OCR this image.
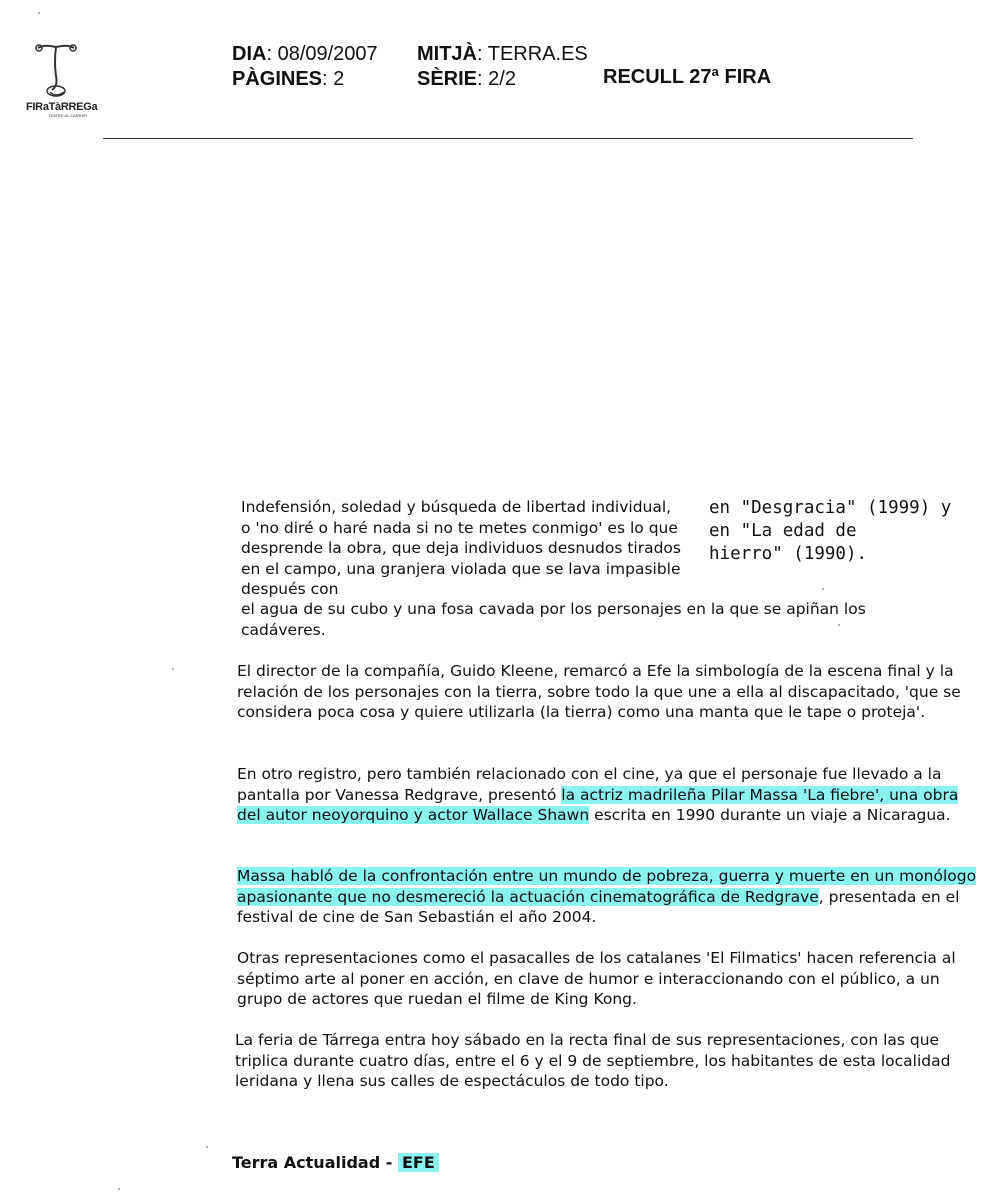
FIRaTàRREGa
TEATRE AL CARRER
DIA: 08/09/2007
PÀGINES: 2
MITJÀ: TERRA.ES
SÈRIE: 2/2	RECULL 27ª FIRA
Indefensión, soledad y búsqueda de libertad individual, o 'no diré o haré nada si no te metes conmigo' es lo que desprende la obra, que deja individuos desnudos tirados en el campo, una granjera violada que se lava impasible después con
en "Desgracia" (1999) y
en "La edad de
hierro" (1990).
el agua de su cubo y una fosa cavada por los personajes en la que se apiñan los cadáveres.
El director de la compañía, Guido Kleene, remarcó a Efe la simbología de la escena final y la relación de los personajes con la tierra, sobre todo la que une a ella al discapacitado, 'que se considera poca cosa y quiere utilizarla (la tierra) como una manta que le tape o proteja'.
En otro registro, pero también relacionado con el cine, ya que el personaje fue llevado a la pantalla por Vanessa Redgrave, presentó la actriz madrileña Pilar Massa 'La fiebre', una obra del autor neoyorquino y actor Wallace Shawn escrita en 1990 durante un viaje a Nicaragua.
Massa habló de la confrontación entre un mundo de pobreza, guerra y muerte en un monólogo apasionante que no desmereció la actuación cinematográfica de Redgrave, presentada en el festival de cine de San Sebastián el año 2004.
Otras representaciones como el pasacalles de los catalanes 'El Filmatics' hacen referencia al séptimo arte al poner en acción, en clave de humor e interaccionando con el público, a un grupo de actores que ruedan el filme de King Kong.
La feria de Tárrega entra hoy sábado en la recta final de sus representaciones, con las que triplica durante cuatro días, entre el 6 y el 9 de septiembre, los habitantes de esta localidad leridana y llena sus calles de espectáculos de todo tipo.
Terra Actualidad - EFE
